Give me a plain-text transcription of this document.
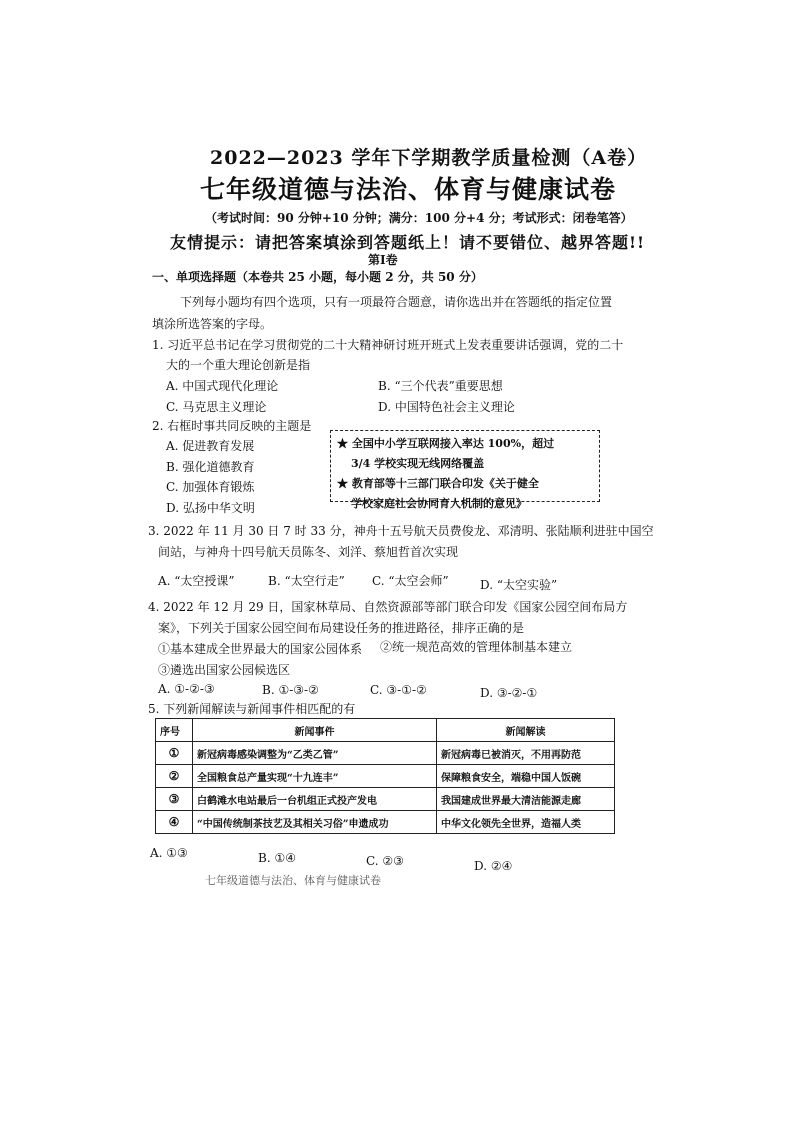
2022—2023 学年下学期教学质量检测（A卷）
七年级道德与法治、体育与健康试卷
（考试时间：90 分钟+10 分钟；满分：100 分+4 分；考试形式：闭卷笔答）
友情提示：请把答案填涂到答题纸上！请不要错位、越界答题!!
第Ⅰ卷
一、单项选择题（本卷共 25 小题，每小题 2 分，共 50 分）
下列每小题均有四个选项，只有一项最符合题意，请你选出并在答题纸的指定位置填涂所选答案的字母。
1. 习近平总书记在学习贯彻党的二十大精神研讨班开班式上发表重要讲话强调，党的二十
大的一个重大理论创新是指
A. 中国式现代化理论	B. “三个代表”重要思想
C. 马克思主义理论	D. 中国特色社会主义理论
2. 右框时事共同反映的主题是
A. 促进教育发展
B. 强化道德教育
C. 加强体育锻炼
D. 弘扬中华文明
★ 全国中小学互联网接入率达 100%，超过
3/4 学校实现无线网络覆盖
★ 教育部等十三部门联合印发《关于健全
学校家庭社会协同育人机制的意见》
3. 2022 年 11 月 30 日 7 时 33 分，神舟十五号航天员费俊龙、邓清明、张陆顺利进驻中国空
间站，与神舟十四号航天员陈冬、刘洋、蔡旭哲首次实现
A. “太空授课”	B. “太空行走” C. “太空会师”	D. “太空实验”
4. 2022 年 12 月 29 日，国家林草局、自然资源部等部门联合印发《国家公园空间布局方
案》，下列关于国家公园空间布局建设任务的推进路径，排序正确的是
①基本建成全世界最大的国家公园体系 ②统一规范高效的管理体制基本建立
③遴选出国家公园候选区
A. ①-②-③	B. ①-③-②	C. ③-①-②	D. ③-②-①
5. 下列新闻解读与新闻事件相匹配的有
序号	新闻事件	新闻解读
①	新冠病毒感染调整为“乙类乙管”	新冠病毒已被消灭，不用再防范
②	全国粮食总产量实现“十九连丰”	保障粮食安全，端稳中国人饭碗
③	白鹤滩水电站最后一台机组正式投产发电	我国建成世界最大清洁能源走廊
④	“中国传统制茶技艺及其相关习俗”申遗成功	中华文化领先全世界，造福人类
A. ①③	B. ①④	C. ②③	D. ②④
七年级道德与法治、体育与健康试卷
